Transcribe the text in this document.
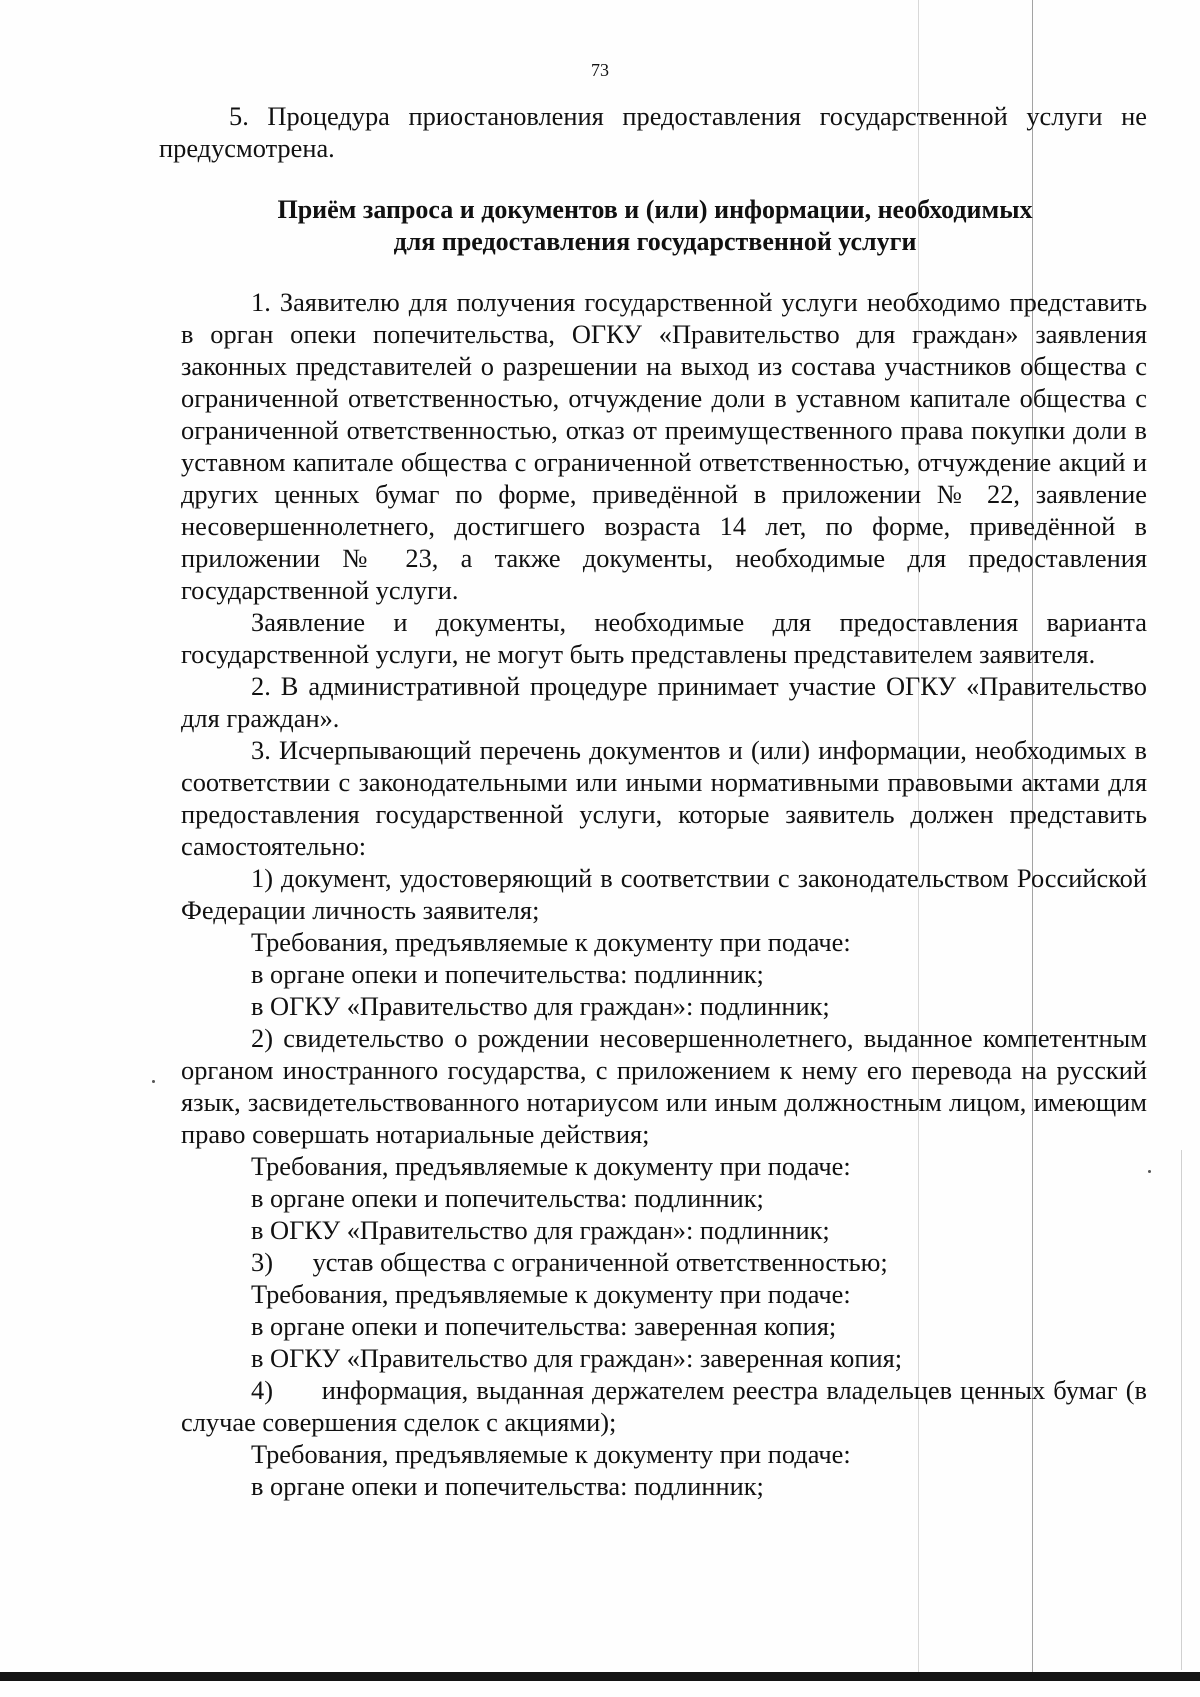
73

5. Процедура приостановления предоставления государственной услуги не предусмотрена.

Приём запроса и документов и (или) информации, необходимых
для предоставления государственной услуги

1. Заявителю для получения государственной услуги необходимо представить в орган опеки попечительства, ОГКУ «Правительство для граждан» заявления законных представителей о разрешении на выход из состава участников общества с ограниченной ответственностью, отчуждение доли в уставном капитале общества с ограниченной ответственностью, отказ от преимущественного права покупки доли в уставном капитале общества с ограниченной ответственностью, отчуждение акций и других ценных бумаг по форме, приведённой в приложении № 22, заявление несовершеннолетнего, достигшего возраста 14 лет, по форме, приведённой в приложении № 23, а также документы, необходимые для предоставления государственной услуги.

Заявление и документы, необходимые для предоставления варианта государственной услуги, не могут быть представлены представителем заявителя.

2. В административной процедуре принимает участие ОГКУ «Правительство для граждан».

3. Исчерпывающий перечень документов и (или) информации, необходимых в соответствии с законодательными или иными нормативными правовыми актами для предоставления государственной услуги, которые заявитель должен представить самостоятельно:

1) документ, удостоверяющий в соответствии с законодательством Российской Федерации личность заявителя;

Требования, предъявляемые к документу при подаче:

в органе опеки и попечительства: подлинник;

в ОГКУ «Правительство для граждан»: подлинник;

2) свидетельство о рождении несовершеннолетнего, выданное компетентным органом иностранного государства, с приложением к нему его перевода на русский язык, засвидетельствованного нотариусом или иным должностным лицом, имеющим право совершать нотариальные действия;

Требования, предъявляемые к документу при подаче:

в органе опеки и попечительства: подлинник;

в ОГКУ «Правительство для граждан»: подлинник;

3)      устав общества с ограниченной ответственностью;

Требования, предъявляемые к документу при подаче:

в органе опеки и попечительства: заверенная копия;

в ОГКУ «Правительство для граждан»: заверенная копия;

4)      информация, выданная держателем реестра владельцев ценных бумаг (в случае совершения сделок с акциями);

Требования, предъявляемые к документу при подаче:

в органе опеки и попечительства: подлинник;
